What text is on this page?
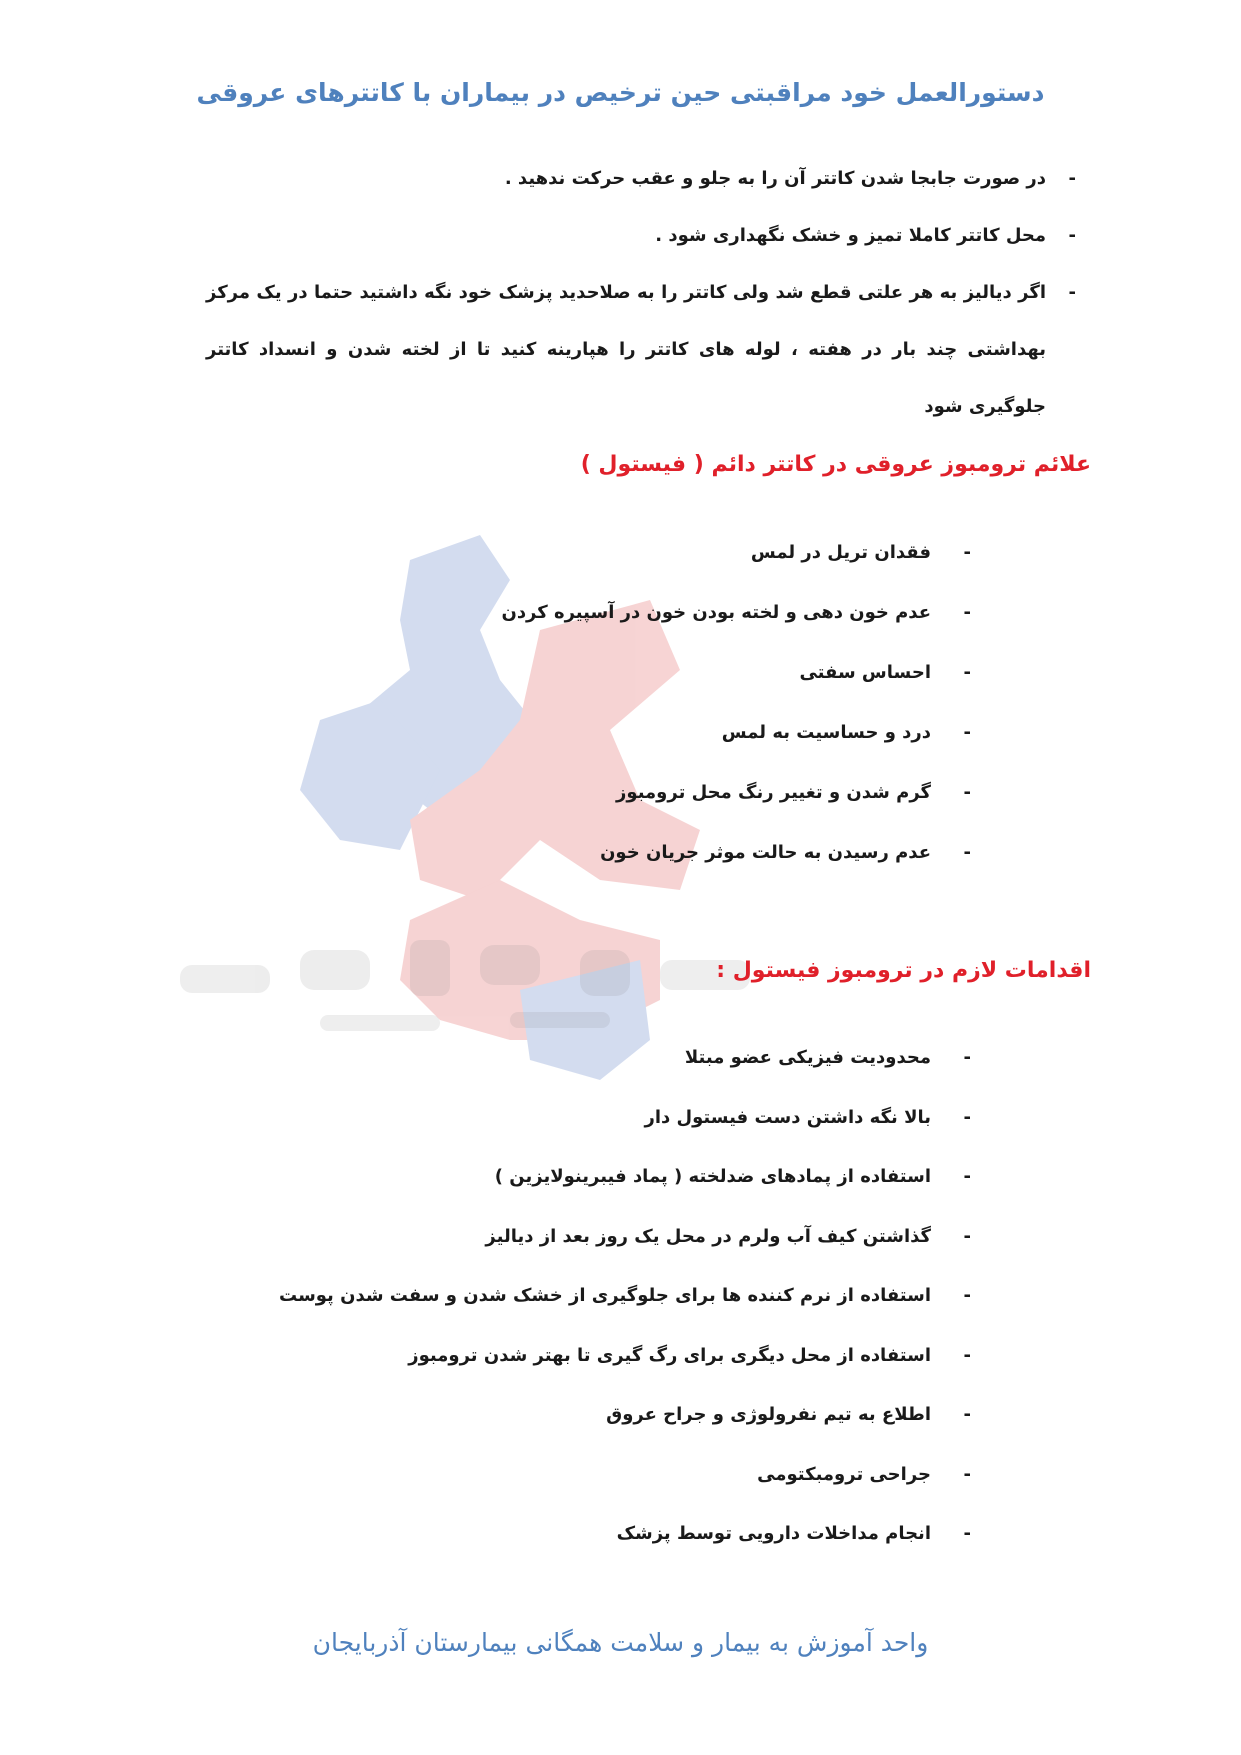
دستورالعمل خود مراقبتی حین ترخیص در بیماران با کاتترهای عروقی
-
در صورت جابجا شدن کاتتر آن را به جلو و عقب حرکت ندهید .
-
محل کاتتر کاملا تمیز و خشک نگهداری شود .
-
اگر دیالیز به هر علتی قطع شد ولی کاتتر را به صلاحدید پزشک خود نگه داشتید حتما در یک مرکز بهداشتی چند بار در هفته ، لوله های کاتتر را هپارینه کنید تا از لخته شدن و انسداد کاتتر جلوگیری شود
علائم ترومبوز عروقی در کاتتر دائم ( فیستول )
-
فقدان تریل در لمس
-
عدم خون دهی و لخته بودن خون در آسپیره کردن
-
احساس سفتی
-
درد و حساسیت به لمس
-
گرم شدن و تغییر رنگ محل ترومبوز
-
عدم رسیدن به حالت موثر جریان خون
اقدامات لازم در ترومبوز فیستول :
-
محدودیت فیزیکی عضو مبتلا
-
بالا نگه داشتن دست فیستول دار
-
استفاده از پمادهای ضدلخته ( پماد فیبرینولایزین )
-
گذاشتن کیف آب ولرم در محل یک روز بعد از دیالیز
-
استفاده از نرم کننده ها برای جلوگیری از خشک شدن و سفت شدن پوست
-
استفاده از محل دیگری برای رگ گیری تا بهتر شدن ترومبوز
-
اطلاع به تیم نفرولوژی و جراح عروق
-
جراحی ترومبکتومی
-
انجام مداخلات دارویی توسط پزشک
واحد آموزش به بیمار و سلامت همگانی بیمارستان آذربایجان
